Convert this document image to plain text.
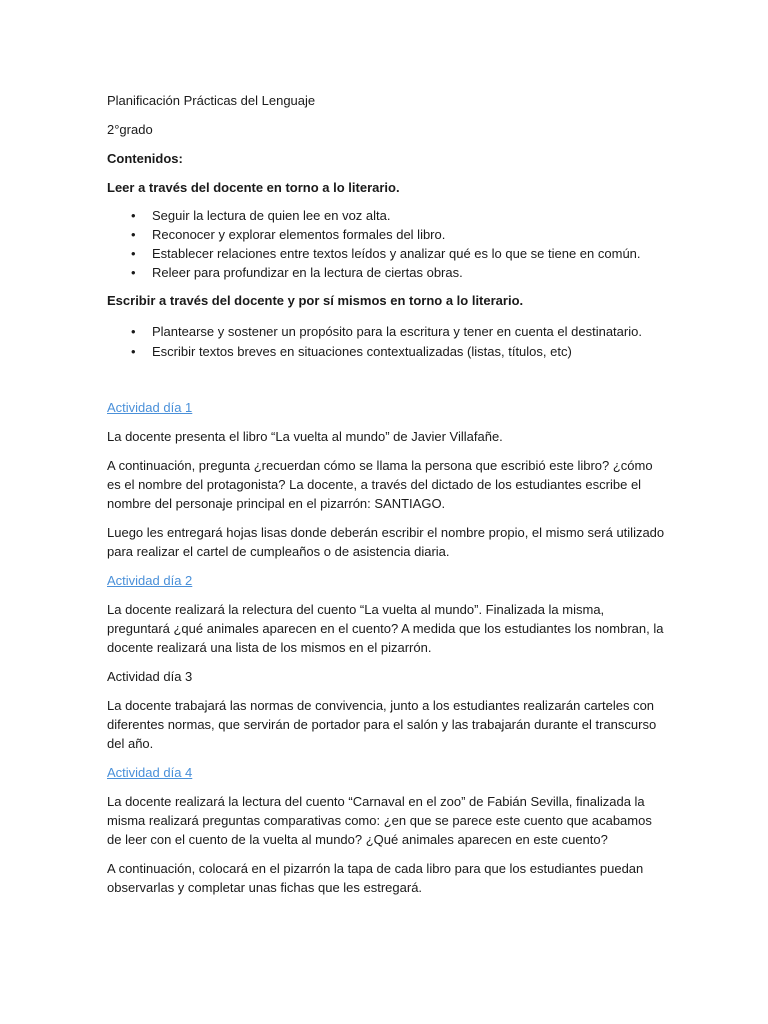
Planificación Prácticas del Lenguaje

2°grado

Contenidos:

Leer a través del docente en torno a lo literario.

• Seguir la lectura de quien lee en voz alta.
• Reconocer y explorar elementos formales del libro.
• Establecer relaciones entre textos leídos y analizar qué es lo que se tiene en común.
• Releer para profundizar en la lectura de ciertas obras.

Escribir a través del docente y por sí mismos en torno a lo literario.

• Plantearse y sostener un propósito para la escritura y tener en cuenta el destinatario.
• Escribir textos breves en situaciones contextualizadas (listas, títulos, etc)

Actividad día 1

La docente presenta el libro “La vuelta al mundo” de Javier Villafañe.

A continuación, pregunta ¿recuerdan cómo se llama la persona que escribió este libro? ¿cómo es el nombre del protagonista? La docente, a través del dictado de los estudiantes escribe el nombre del personaje principal en el pizarrón: SANTIAGO.

Luego les entregará hojas lisas donde deberán escribir el nombre propio, el mismo será utilizado para realizar el cartel de cumpleaños o de asistencia diaria.

Actividad día 2

La docente realizará la relectura del cuento “La vuelta al mundo”. Finalizada la misma, preguntará ¿qué animales aparecen en el cuento? A medida que los estudiantes los nombran, la docente realizará una lista de los mismos en el pizarrón.

Actividad día 3

La docente trabajará las normas de convivencia, junto a los estudiantes realizarán carteles con diferentes normas, que servirán de portador para el salón y las trabajarán durante el transcurso del año.

Actividad día 4

La docente realizará la lectura del cuento “Carnaval en el zoo” de Fabián Sevilla, finalizada la misma realizará preguntas comparativas como: ¿en que se parece este cuento que acabamos de leer con el cuento de la vuelta al mundo? ¿Qué animales aparecen en este cuento?

A continuación, colocará en el pizarrón la tapa de cada libro para que los estudiantes puedan observarlas y completar unas fichas que les estregará.
